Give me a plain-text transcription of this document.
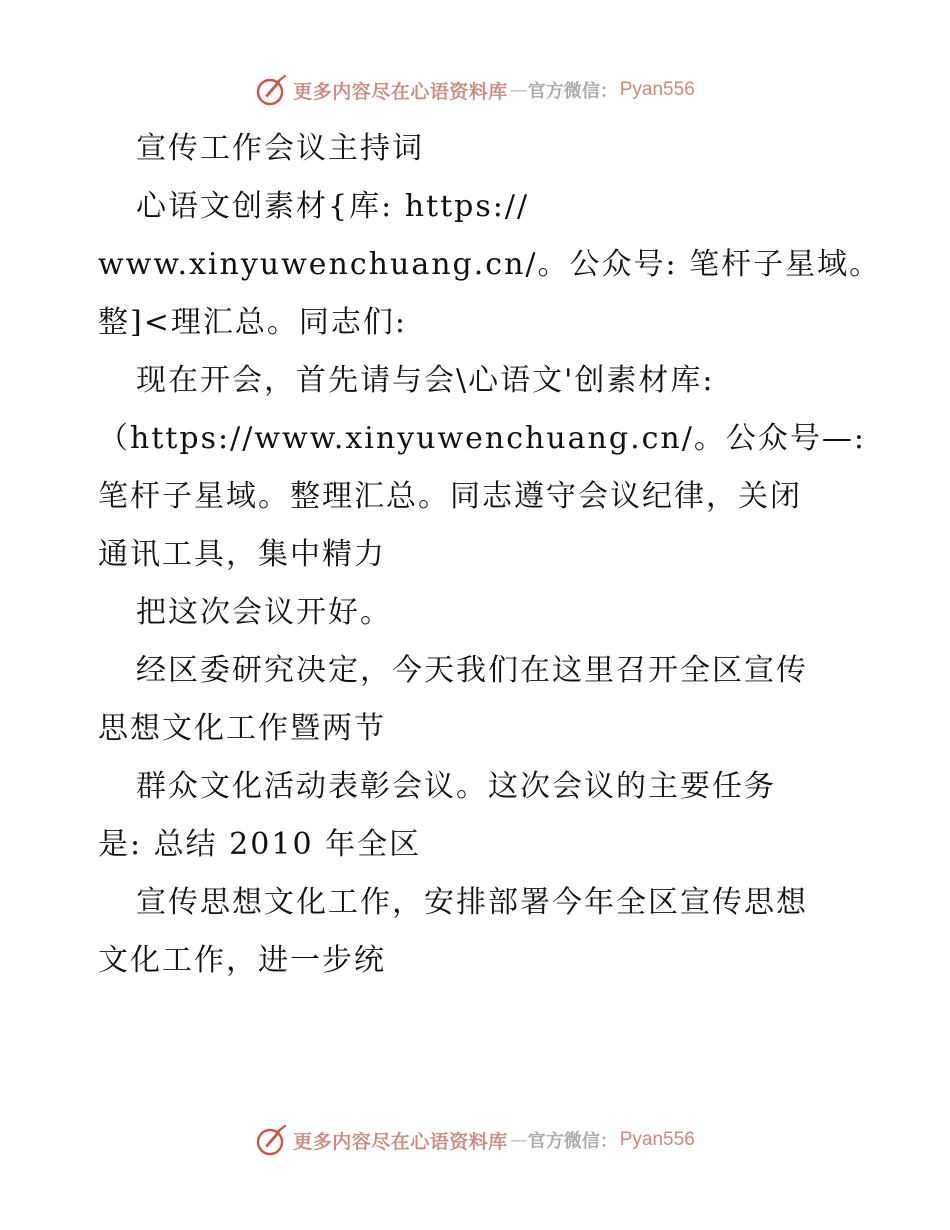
更多内容尽在心语资料库 — 官方微信： Pyan556
宣传工作会议主持词
心语文创素材{库: https://
www.xinyuwenchuang.cn/。公众号: 笔杆子星域。
整]<理汇总。同志们:
现在开会，首先请与会\心语文'创素材库:
（https://www.xinyuwenchuang.cn/。公众号—:
笔杆子星域。整理汇总。同志遵守会议纪律，关闭
通讯工具，集中精力
把这次会议开好。
经区委研究决定，今天我们在这里召开全区宣传
思想文化工作暨两节
群众文化活动表彰会议。这次会议的主要任务
是: 总结 2010 年全区
宣传思想文化工作，安排部署今年全区宣传思想
文化工作，进一步统
更多内容尽在心语资料库 — 官方微信： Pyan556
